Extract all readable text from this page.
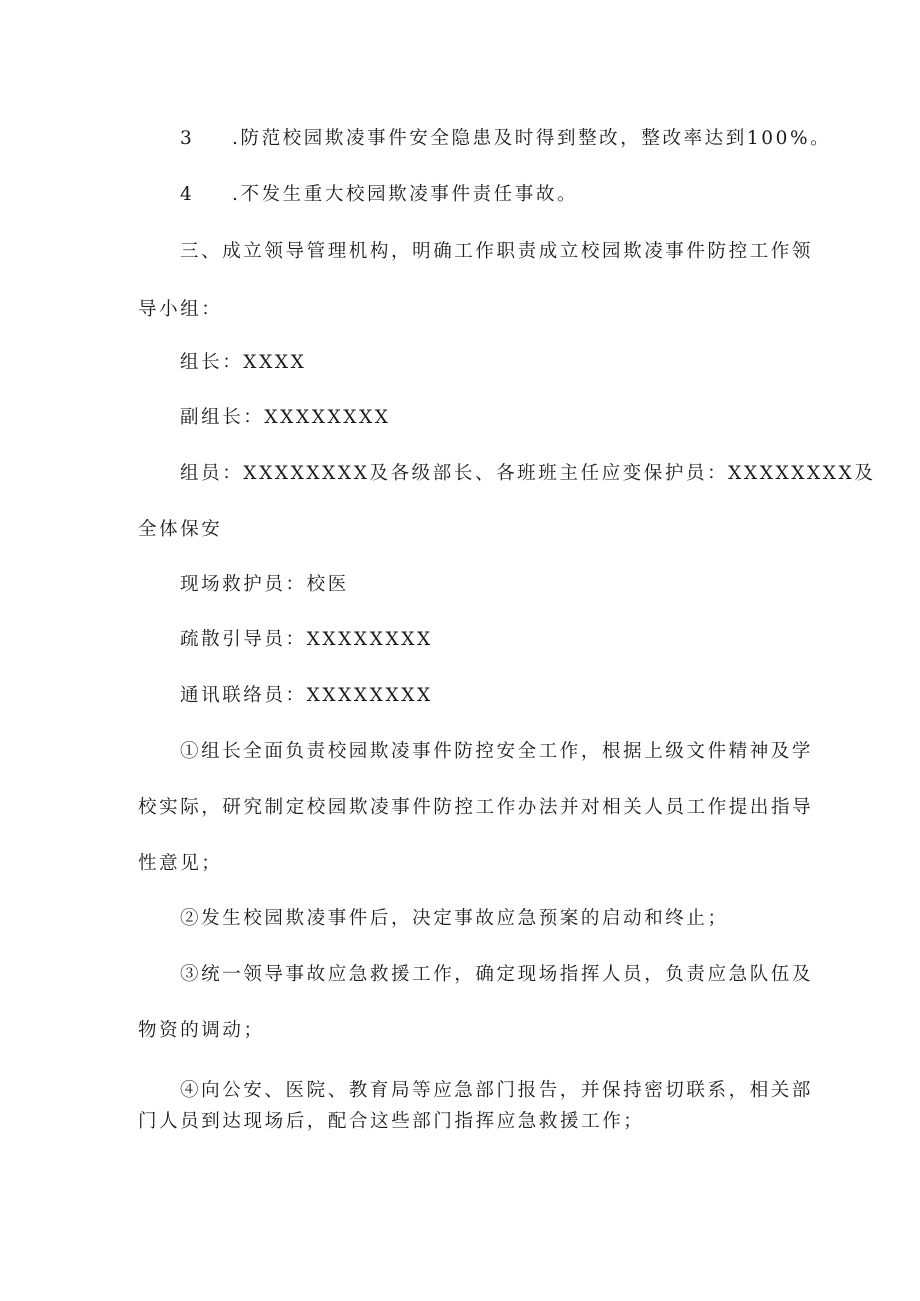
3 .防范校园欺凌事件安全隐患及时得到整改，整改率达到100%。
4 .不发生重大校园欺凌事件责任事故。
三、成立领导管理机构，明确工作职责成立校园欺凌事件防控工作领
导小组：
组长：XXXX
副组长：XXXXXXXX
组员：XXXXXXXX及各级部长、各班班主任应变保护员：XXXXXXXX及
全体保安
现场救护员：校医
疏散引导员：XXXXXXXX
通讯联络员：XXXXXXXX
①组长全面负责校园欺凌事件防控安全工作，根据上级文件精神及学
校实际，研究制定校园欺凌事件防控工作办法并对相关人员工作提出指导
性意见；
②发生校园欺凌事件后，决定事故应急预案的启动和终止；
③统一领导事故应急救援工作，确定现场指挥人员，负责应急队伍及
物资的调动；
④向公安、医院、教育局等应急部门报告，并保持密切联系，相关部
门人员到达现场后，配合这些部门指挥应急救援工作；
